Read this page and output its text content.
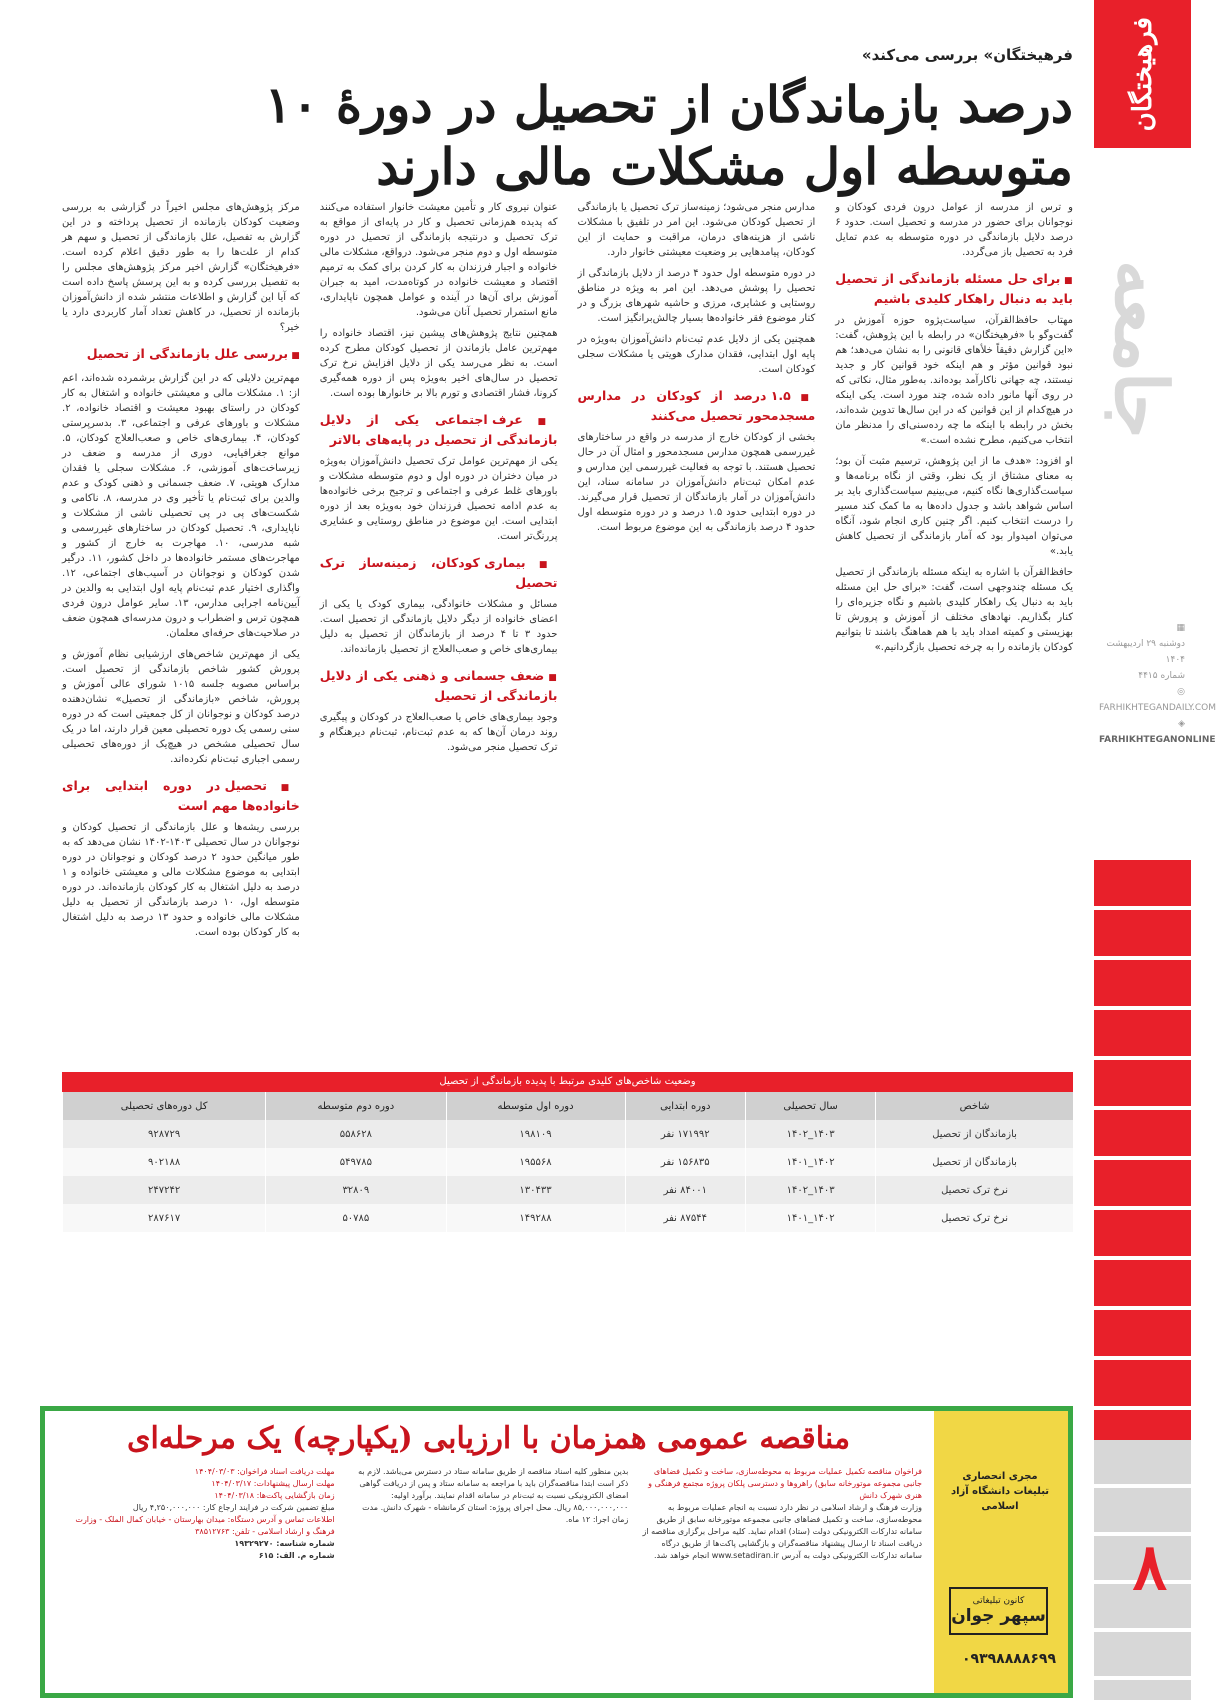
فرهیختگان
جامعه
▦
دوشنبه ۲۹ اردیبهشت ۱۴۰۴
شماره ۴۴۱۵
◎
FARHIKHTEGANDAILY.COM
◈
FARHIKHTEGANONLINE
۸
«فرهیختگان» بررسی می‌کند
۱۰ درصد بازماندگان از تحصیل در دورۀ متوسطه اول مشکلات مالی دارند

مرکز پژوهش‌های مجلس اخیراً در گزارشی به بررسی وضعیت کودکان بازمانده از تحصیل پرداخته و در این گزارش به تفصیل، علل بازماندگی از تحصیل و سهم هر کدام از علت‌ها را به طور دقیق اعلام کرده است. «فرهیختگان» گزارش اخیر مرکز پژوهش‌های مجلس را به تفصیل بررسی کرده و به این پرسش پاسخ داده است که آیا این گزارش و اطلاعات منتشر شده از دانش‌آموزان بازمانده از تحصیل، در کاهش تعداد آمار کاربردی دارد یا خیر؟

■ بررسی علل بازماندگی از تحصیل

مهم‌ترین دلایلی که در این گزارش برشمرده شده‌اند، اعم از: ۱. مشکلات مالی و معیشتی خانواده و اشتغال به کار کودکان در راستای بهبود معیشت و اقتصاد خانواده، ۲. مشکلات و باورهای عرفی و اجتماعی، ۳. بدسرپرستی کودکان، ۴. بیماری‌های خاص و صعب‌العلاج کودکان، ۵. موانع جغرافیایی، دوری از مدرسه و ضعف در زیرساخت‌های آموزشی، ۶. مشکلات سجلی یا فقدان مدارک هویتی، ۷. ضعف جسمانی و ذهنی کودک و عدم والدین برای ثبت‌نام یا تأخیر وی در مدرسه، ۸. ناکامی و شکست‌های پی در پی تحصیلی ناشی از مشکلات و ناپایداری، ۹. تحصیل کودکان در ساختارهای غیررسمی و شبه مدرسی، ۱۰. مهاجرت به خارج از کشور و مهاجرت‌های مستمر خانواده‌ها در داخل کشور، ۱۱. درگیر شدن کودکان و نوجوانان در آسیب‌های اجتماعی، ۱۲. واگذاری اختیار عدم ثبت‌نام پایه اول ابتدایی به والدین در آیین‌نامه اجرایی مدارس، ۱۳. سایر عوامل درون فردی همچون ترس و اضطراب و درون مدرسه‌ای همچون ضعف در صلاحیت‌های حرفه‌ای معلمان.

یکی از مهم‌ترین شاخص‌های ارزشیابی نظام آموزش و پرورش کشور شاخص بازماندگی از تحصیل است. براساس مصوبه جلسه ۱۰۱۵ شورای عالی آموزش و پرورش، شاخص «بازماندگی از تحصیل» نشان‌دهنده درصد کودکان و نوجوانان از کل جمعیتی است که در دوره سنی رسمی یک دوره تحصیلی معین قرار دارند، اما در یک سال تحصیلی مشخص در هیچ‌یک از دوره‌های تحصیلی رسمی اجباری ثبت‌نام نکرده‌اند.

■ تحصیل در دوره ابتدایی برای خانواده‌ها مهم است

بررسی ریشه‌ها و علل بازماندگی از تحصیل کودکان و نوجوانان در سال تحصیلی ۱۴۰۳-۱۴۰۲ نشان می‌دهد که به طور میانگین حدود ۲ درصد کودکان و نوجوانان در دوره ابتدایی به موضوع مشکلات مالی و معیشتی خانواده و ۱ درصد به دلیل اشتغال به کار کودکان بازمانده‌اند. در دوره متوسطه اول، ۱۰ درصد بازماندگی از تحصیل به دلیل مشکلات مالی خانواده و حدود ۱۳ درصد به دلیل اشتغال به کار کودکان بوده است.

عنوان نیروی کار و تأمین معیشت خانوار استفاده می‌کنند که پدیده هم‌زمانی تحصیل و کار در پایه‌ای از مواقع به ترک تحصیل و درنتیجه بازماندگی از تحصیل در دوره متوسطه اول و دوم منجر می‌شود. درواقع، مشکلات مالی خانواده و اجبار فرزندان به کار کردن برای کمک به ترمیم اقتصاد و معیشت خانواده در کوتاه‌مدت، امید به جبران آموزش برای آن‌ها در آینده و عوامل همچون ناپایداری، مانع استمرار تحصیل آنان می‌شود.

همچنین نتایج پژوهش‌های پیشین نیز، اقتصاد خانواده را مهم‌ترین عامل بازماندن از تحصیل کودکان مطرح کرده است. به نظر می‌رسد یکی از دلایل افزایش نرخ ترک تحصیل در سال‌های اخیر به‌ویژه پس از دوره همه‌گیری کرونا، فشار اقتصادی و تورم بالا بر خانوارها بوده است.

■ عرف اجتماعی یکی از دلایل بازماندگی از تحصیل در پایه‌های بالاتر

یکی از مهم‌ترین عوامل ترک تحصیل دانش‌آموزان به‌ویژه در میان دختران در دوره اول و دوم متوسطه مشکلات و باورهای غلط عرفی و اجتماعی و ترجیح برخی خانواده‌ها به عدم ادامه تحصیل فرزندان خود به‌ویژه بعد از دوره ابتدایی است. این موضوع در مناطق روستایی و عشایری پررنگ‌تر است.

■ بیماری کودکان، زمینه‌ساز ترک تحصیل

مسائل و مشکلات خانوادگی، بیماری کودک یا یکی از اعضای خانواده از دیگر دلایل بازماندگی از تحصیل است. حدود ۳ تا ۴ درصد از بازماندگان از تحصیل به دلیل بیماری‌های خاص و صعب‌العلاج از تحصیل بازمانده‌اند.

■ ضعف جسمانی و ذهنی یکی از دلایل بازماندگی از تحصیل

وجود بیماری‌های خاص یا صعب‌العلاج در کودکان و پیگیری روند درمان آن‌ها که به عدم ثبت‌نام، ثبت‌نام دیرهنگام و ترک تحصیل منجر می‌شود.

مدارس منجر می‌شود؛ زمینه‌ساز ترک تحصیل یا بازماندگی از تحصیل کودکان می‌شود. این امر در تلفیق با مشکلات ناشی از هزینه‌های درمان، مراقبت و حمایت از این کودکان، پیامدهایی بر وضعیت معیشتی خانوار دارد.

در دوره متوسطه اول حدود ۴ درصد از دلایل بازماندگی از تحصیل را پوشش می‌دهد. این امر به ویژه در مناطق روستایی و عشایری، مرزی و حاشیه شهرهای بزرگ و در کنار موضوع فقر خانواده‌ها بسیار چالش‌برانگیز است.

همچنین یکی از دلایل عدم ثبت‌نام دانش‌آموزان به‌ویژه در پایه اول ابتدایی، فقدان مدارک هویتی یا مشکلات سجلی کودکان است.

■ ۱.۵ درصد از کودکان در مدارس مسجدمحور تحصیل می‌کنند

بخشی از کودکان خارج از مدرسه در واقع در ساختارهای غیررسمی همچون مدارس مسجدمحور و امثال آن در حال تحصیل هستند. با توجه به فعالیت غیررسمی این مدارس و عدم امکان ثبت‌نام دانش‌آموزان در سامانه سناد، این دانش‌آموزان در آمار بازماندگان از تحصیل قرار می‌گیرند. در دوره ابتدایی حدود ۱.۵ درصد و در دوره متوسطه اول حدود ۴ درصد بازماندگی به این موضوع مربوط است.

و ترس از مدرسه از عوامل درون فردی کودکان و نوجوانان برای حضور در مدرسه و تحصیل است. حدود ۶ درصد دلایل بازماندگی در دوره متوسطه به عدم تمایل فرد به تحصیل باز می‌گردد.

■ برای حل مسئله بازماندگی از تحصیل باید به دنبال راهکار کلیدی باشیم

مهتاب حافظ‌القرآن، سیاست‌پژوه حوزه آموزش در گفت‌وگو با «فرهیختگان» در رابطه با این پژوهش، گفت: «این گزارش دقیقاً خلأهای قانونی را به نشان می‌دهد؛ هم نبود قوانین مؤثر و هم اینکه خود قوانین کار و جدید نیستند، چه جهانی ناکارآمد بوده‌اند. به‌طور مثال، نکاتی که در روی آنها مانور داده شده، چند مورد است. یکی اینکه در هیچ‌کدام از این قوانین که در این سال‌ها تدوین شده‌اند، بخش در رابطه با اینکه ما چه رده‌سنی‌ای را مدنظر مان انتخاب می‌کنیم، مطرح نشده است.»

او افزود: «هدف ما از این پژوهش، ترسیم مثبت آن بود؛ به معنای مشتاق از یک نظر، وقتی از نگاه برنامه‌ها و سیاست‌گذاری‌ها نگاه کنیم، می‌بینیم سیاست‌گذاری باید بر اساس شواهد باشد و جدول داده‌ها به ما کمک کند مسیر را درست انتخاب کنیم. اگر چنین کاری انجام شود، آنگاه می‌توان امیدوار بود که آمار بازماندگی از تحصیل کاهش یابد.»

حافظ‌القرآن با اشاره به اینکه مسئله بازماندگی از تحصیل یک مسئله چندوجهی است، گفت: «برای حل این مسئله باید به دنبال یک راهکار کلیدی باشیم و نگاه جزیره‌ای را کنار بگذاریم. نهادهای مختلف از آموزش و پرورش تا بهزیستی و کمیته امداد باید با هم هماهنگ باشند تا بتوانیم کودکان بازمانده را به چرخه تحصیل بازگردانیم.»

وضعیت شاخص‌های کلیدی مرتبط با پدیده بازماندگی از تحصیل
شاخص	سال تحصیلی	دوره ابتدایی	دوره اول متوسطه	دوره دوم متوسطه	کل دوره‌های تحصیلی
بازماندگان از تحصیل	۱۴۰۳_۱۴۰۲	۱۷۱۹۹۲ نفر	۱۹۸۱۰۹	۵۵۸۶۲۸	۹۲۸۷۲۹
بازماندگان از تحصیل	۱۴۰۲_۱۴۰۱	۱۵۶۸۳۵ نفر	۱۹۵۵۶۸	۵۴۹۷۸۵	۹۰۲۱۸۸
نرخ ترک تحصیل	۱۴۰۳_۱۴۰۲	۸۴۰۰۱ نفر	۱۳۰۴۳۳	۳۲۸۰۹	۲۴۷۲۴۲
نرخ ترک تحصیل	۱۴۰۲_۱۴۰۱	۸۷۵۴۴ نفر	۱۴۹۲۸۸	۵۰۷۸۵	۲۸۷۶۱۷
مجری انحصاری تبلیغات دانشگاه آزاد اسلامی
کانون تبلیغاتی
سپهر جوان
۰۹۳۹۸۸۸۸۶۹۹
مناقصه عمومی همزمان با ارزیابی (یکپارچه) یک مرحله‌ای
فراخوان مناقصه تکمیل عملیات مربوط به محوطه‌سازی، ساخت و تکمیل فضاهای جانبی مجموعه موتورخانه سابق) راهروها و دسترسی پلکان پروژه مجتمع فرهنگی و هنری شهرک دانش
وزارت فرهنگ و ارشاد اسلامی در نظر دارد نسبت به انجام عملیات مربوط به محوطه‌سازی، ساخت و تکمیل فضاهای جانبی مجموعه موتورخانه سابق از طریق سامانه تدارکات الکترونیکی دولت (ستاد) اقدام نماید. کلیه مراحل برگزاری مناقصه از دریافت اسناد تا ارسال پیشنهاد مناقصه‌گران و بازگشایی پاکت‌ها از طریق درگاه سامانه تدارکات الکترونیکی دولت به آدرس www.setadiran.ir انجام خواهد شد.
بدین منظور کلیه اسناد مناقصه از طریق سامانه ستاد در دسترس می‌باشد. لازم به ذکر است ابتدا مناقصه‌گران باید با مراجعه به سامانه ستاد و پس از دریافت گواهی امضای الکترونیکی نسبت به ثبت‌نام در سامانه اقدام نمایند. برآورد اولیه: ۸۵,۰۰۰,۰۰۰,۰۰۰ ریال. محل اجرای پروژه: استان کرمانشاه - شهرک دانش. مدت زمان اجرا: ۱۲ ماه.
مهلت دریافت اسناد فراخوان: ۱۴۰۴/۰۳/۰۳
مهلت ارسال پیشنهادات: ۱۴۰۴/۰۳/۱۷
زمان بازگشایی پاکت‌ها: ۱۴۰۴/۰۳/۱۸
مبلغ تضمین شرکت در فرایند ارجاع کار: ۴,۲۵۰,۰۰۰,۰۰۰ ریال
اطلاعات تماس و آدرس دستگاه: میدان بهارستان - خیابان کمال الملک - وزارت فرهنگ و ارشاد اسلامی - تلفن: ۳۸۵۱۲۷۶۳
شماره شناسه: ۱۹۳۲۹۲۷۰
شماره م. الف: ۶۱۵
